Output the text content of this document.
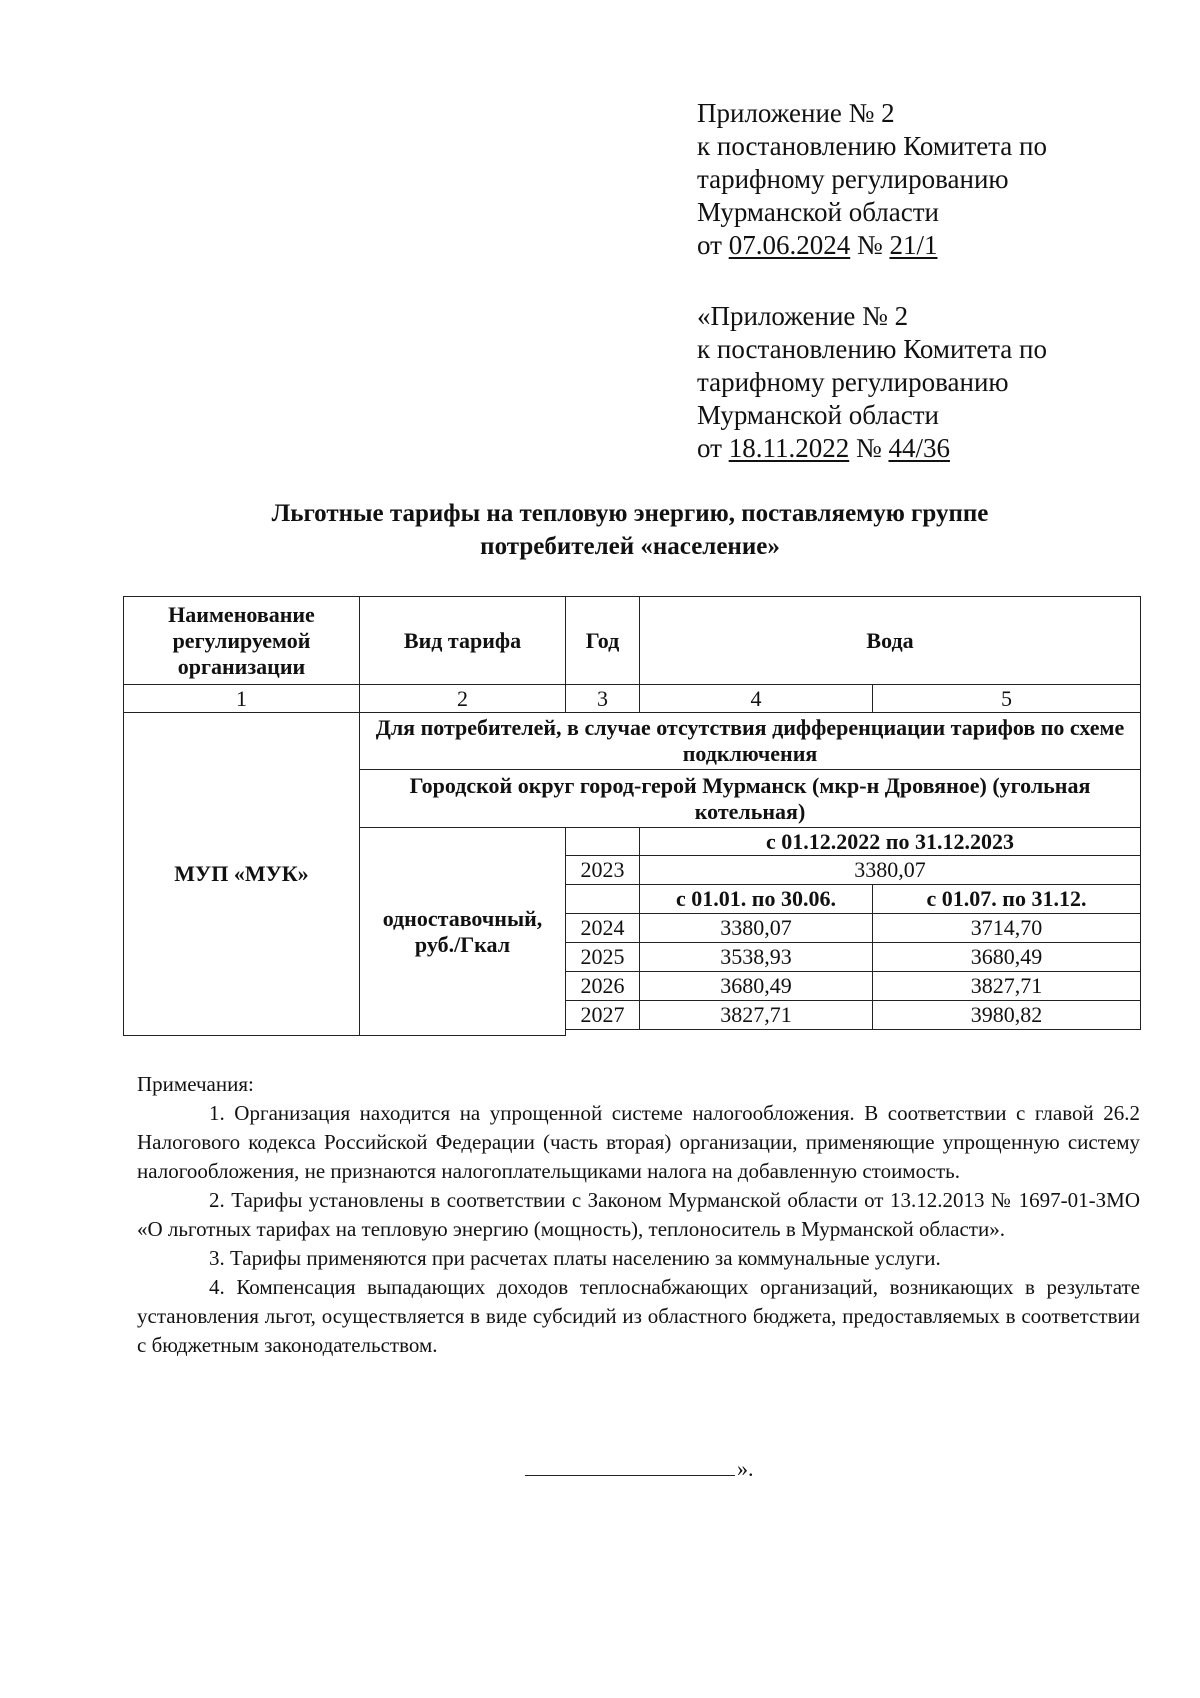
Приложение № 2
к постановлению Комитета по
тарифному регулированию
Мурманской области
от 07.06.2024 № 21/1
«Приложение № 2
к постановлению Комитета по
тарифному регулированию
Мурманской области
от 18.11.2022 № 44/36
Льготные тарифы на тепловую энергию, поставляемую группе
потребителей «население»
Наименование регулируемой организации	Вид тарифа	Год	Вода	
1	2	3	4	5
МУП «МУК»	Для потребителей, в случае отсутствия дифференциации тарифов по схеме подключения			
	Городской округ город-герой Мурманск (мкр-н Дровяное) (угольная котельная)			
	одноставочный, руб./Гкал		с 01.12.2022 по 31.12.2023	
		2023	3380,07	
			с 01.01. по 30.06.	с 01.07. по 31.12.
		2024	3380,07	3714,70
		2025	3538,93	3680,49
		2026	3680,49	3827,71
		2027	3827,71	3980,82

Примечания:

1. Организация находится на упрощенной системе налогообложения. В соответствии с главой 26.2 Налогового кодекса Российской Федерации (часть вторая) организации, применяющие упрощенную систему налогообложения, не признаются налогоплательщиками налога на добавленную стоимость.

2. Тарифы установлены в соответствии с Законом Мурманской области от 13.12.2013 № 1697-01-ЗМО «О льготных тарифах на тепловую энергию (мощность), теплоноситель в Мурманской области».

3. Тарифы применяются при расчетах платы населению за коммунальные услуги.

4. Компенсация выпадающих доходов теплоснабжающих организаций, возникающих в результате установления льгот, осуществляется в виде субсидий из областного бюджета, предоставляемых в соответствии с бюджетным законодательством.

».
